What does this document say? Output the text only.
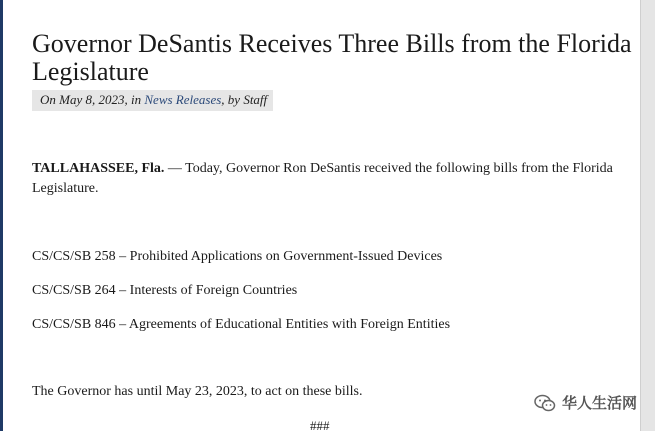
Governor DeSantis Receives Three Bills from the Florida Legislature
On May 8, 2023, in News Releases, by Staff
TALLAHASSEE, Fla. — Today, Governor Ron DeSantis received the following bills from the Florida Legislature.
CS/CS/SB 258 – Prohibited Applications on Government-Issued Devices
CS/CS/SB 264 – Interests of Foreign Countries
CS/CS/SB 846 – Agreements of Educational Entities with Foreign Entities
The Governor has until May 23, 2023, to act on these bills.
###
华人生活网
